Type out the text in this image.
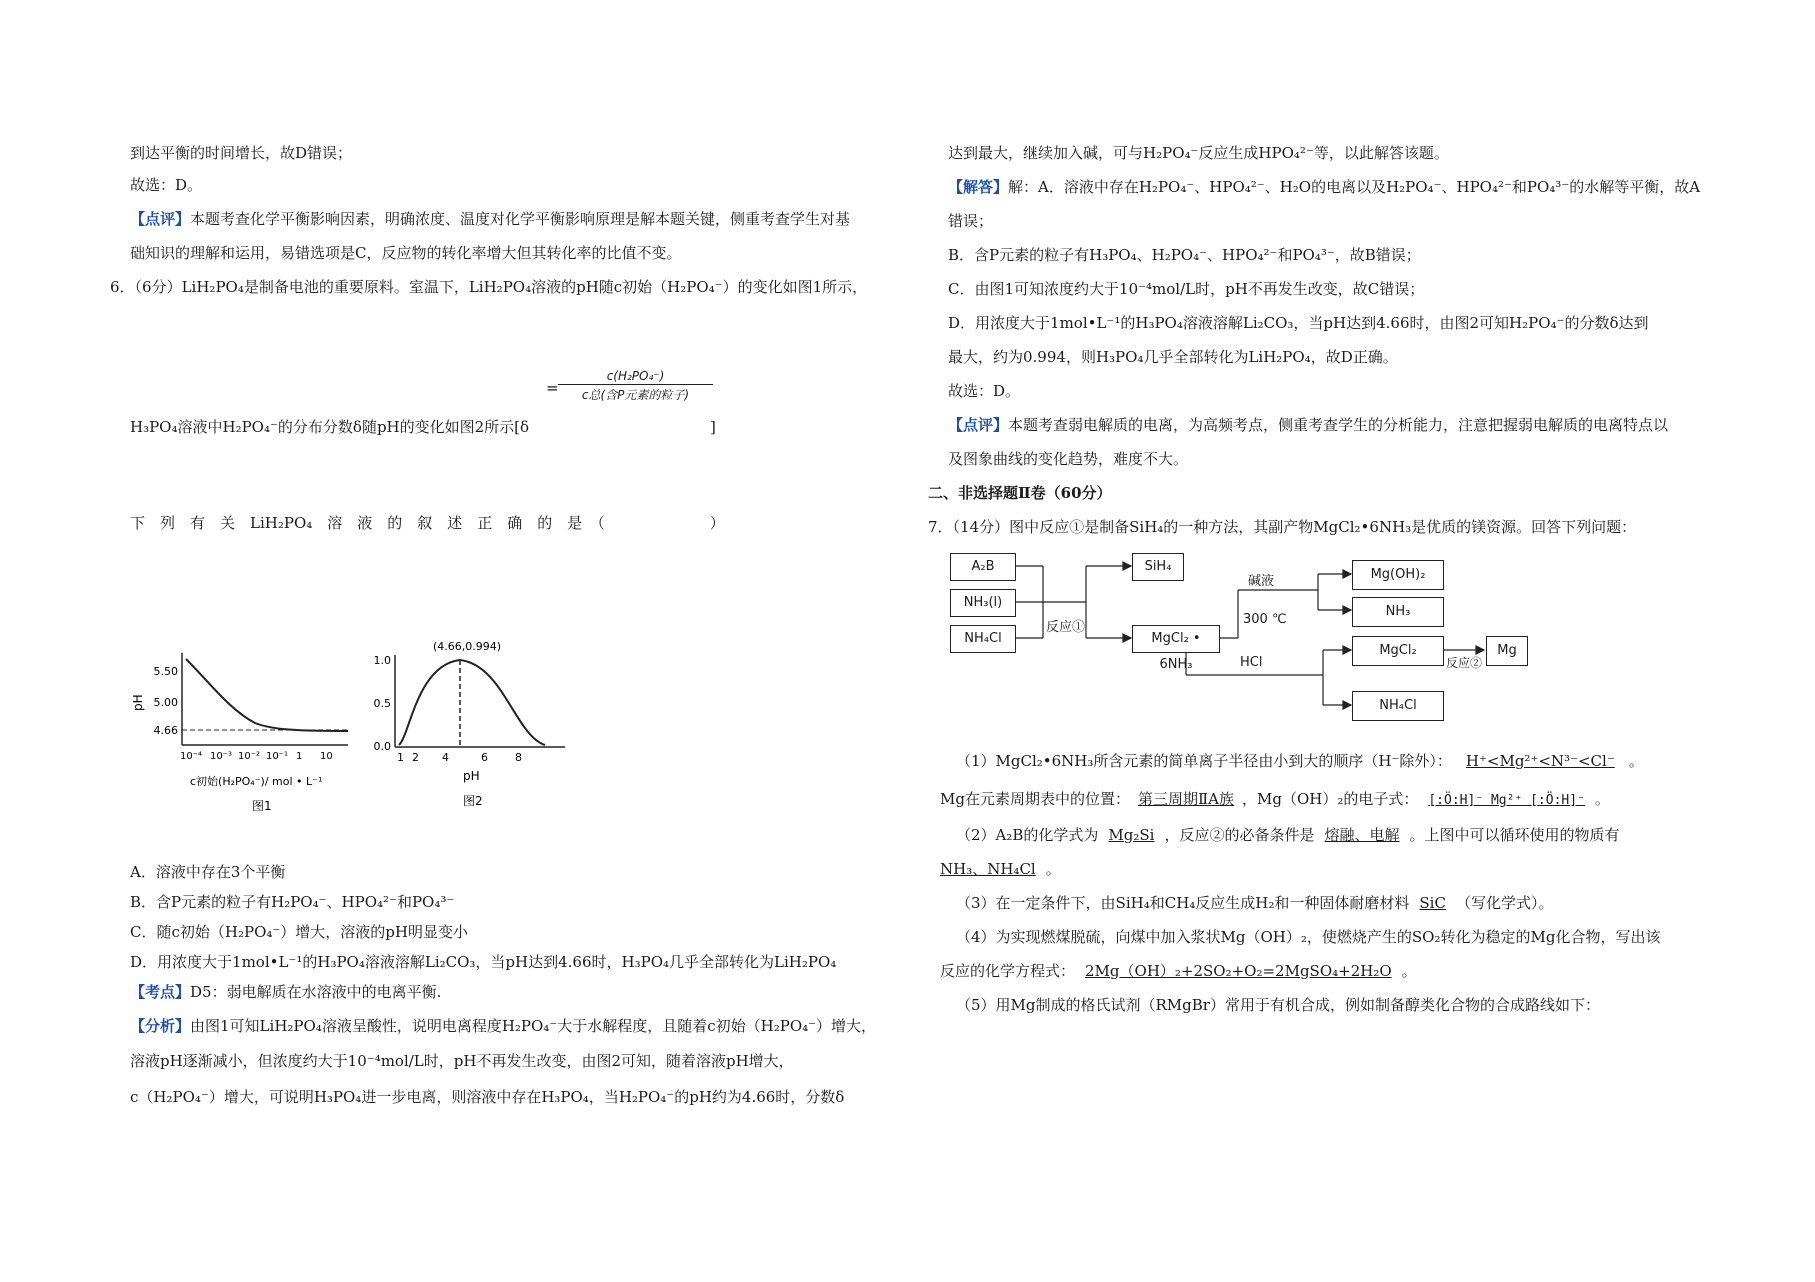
到达平衡的时间增长，故D错误；
故选：D。
【点评】本题考查化学平衡影响因素，明确浓度、温度对化学平衡影响原理是解本题关键，侧重考查学生对基
础知识的理解和运用，易错选项是C，反应物的转化率增大但其转化率的比值不变。
6．（6分）LiH₂PO₄是制备电池的重要原料。室温下，LiH₂PO₄溶液的pH随c初始（H₂PO₄⁻）的变化如图1所示，
=
c(H₂PO₄⁻)
c总(含P元素的粒子)
H₃PO₄溶液中H₂PO₄⁻的分布分数δ随pH的变化如图2所示[δ	]
下　列　有　关　LiH₂PO₄　溶　液　的　叙　述　正　确　的　是　（　　　　　　　）
5.50
5.00
4.66
pH
10⁻⁴ 10⁻³ 10⁻² 10⁻¹ 1 10
c初始(H₂PO₄⁻)/ mol • L⁻¹
图1
1.0
0.5
0.0
(4.66,0.994)
1 2 4	6 8
pH
图2
A．溶液中存在3个平衡
B．含P元素的粒子有H₂PO₄⁻、HPO₄²⁻和PO₄³⁻
C．随c初始（H₂PO₄⁻）增大，溶液的pH明显变小
D．用浓度大于1mol•L⁻¹的H₃PO₄溶液溶解Li₂CO₃，当pH达到4.66时，H₃PO₄几乎全部转化为LiH₂PO₄
【考点】D5：弱电解质在水溶液中的电离平衡.
【分析】由图1可知LiH₂PO₄溶液呈酸性，说明电离程度H₂PO₄⁻大于水解程度，且随着c初始（H₂PO₄⁻）增大，
溶液pH逐渐减小，但浓度约大于10⁻⁴mol/L时，pH不再发生改变，由图2可知，随着溶液pH增大，
c（H₂PO₄⁻）增大，可说明H₃PO₄进一步电离，则溶液中存在H₃PO₄，当H₂PO₄⁻的pH约为4.66时，分数δ
达到最大，继续加入碱，可与H₂PO₄⁻反应生成HPO₄²⁻等，以此解答该题。
【解答】解：A．溶液中存在H₂PO₄⁻、HPO₄²⁻、H₂O的电离以及H₂PO₄⁻、HPO₄²⁻和PO₄³⁻的水解等平衡，故A
错误；
B．含P元素的粒子有H₃PO₄、H₂PO₄⁻、HPO₄²⁻和PO₄³⁻，故B错误；
C．由图1可知浓度约大于10⁻⁴mol/L时，pH不再发生改变，故C错误；
D．用浓度大于1mol•L⁻¹的H₃PO₄溶液溶解Li₂CO₃，当pH达到4.66时，由图2可知H₂PO₄⁻的分数δ达到
最大，约为0.994，则H₃PO₄几乎全部转化为LiH₂PO₄，故D正确。
故选：D。
【点评】本题考查弱电解质的电离，为高频考点，侧重考查学生的分析能力，注意把握弱电解质的电离特点以
及图象曲线的变化趋势，难度不大。
二、非选择题Ⅱ卷（60分）
7．（14分）图中反应①是制备SiH₄的一种方法，其副产物MgCl₂•6NH₃是优质的镁资源。回答下列问题：
A₂B
NH₃(l)
NH₄Cl
反应①
SiH₄
MgCl₂ • 6NH₃
碱液
300 ℃
HCl
Mg(OH)₂
NH₃
MgCl₂
NH₄Cl
反应②
Mg
（1）MgCl₂•6NH₃所含元素的简单离子半径由小到大的顺序（H⁻除外）： H⁺<Mg²⁺<N³⁻<Cl⁻ 。
Mg在元素周期表中的位置： 第三周期ⅡA族 ，Mg（OH）₂的电子式： [:Ö:H]⁻ Mg²⁺ [:Ö:H]⁻ 。
（2）A₂B的化学式为 Mg₂Si ，反应②的必备条件是 熔融、电解 。上图中可以循环使用的物质有
NH₃、NH₄Cl 。
（3）在一定条件下，由SiH₄和CH₄反应生成H₂和一种固体耐磨材料 SiC （写化学式）。
（4）为实现燃煤脱硫，向煤中加入浆状Mg（OH）₂，使燃烧产生的SO₂转化为稳定的Mg化合物，写出该
反应的化学方程式： 2Mg（OH）₂+2SO₂+O₂=2MgSO₄+2H₂O 。
（5）用Mg制成的格氏试剂（RMgBr）常用于有机合成，例如制备醇类化合物的合成路线如下：
